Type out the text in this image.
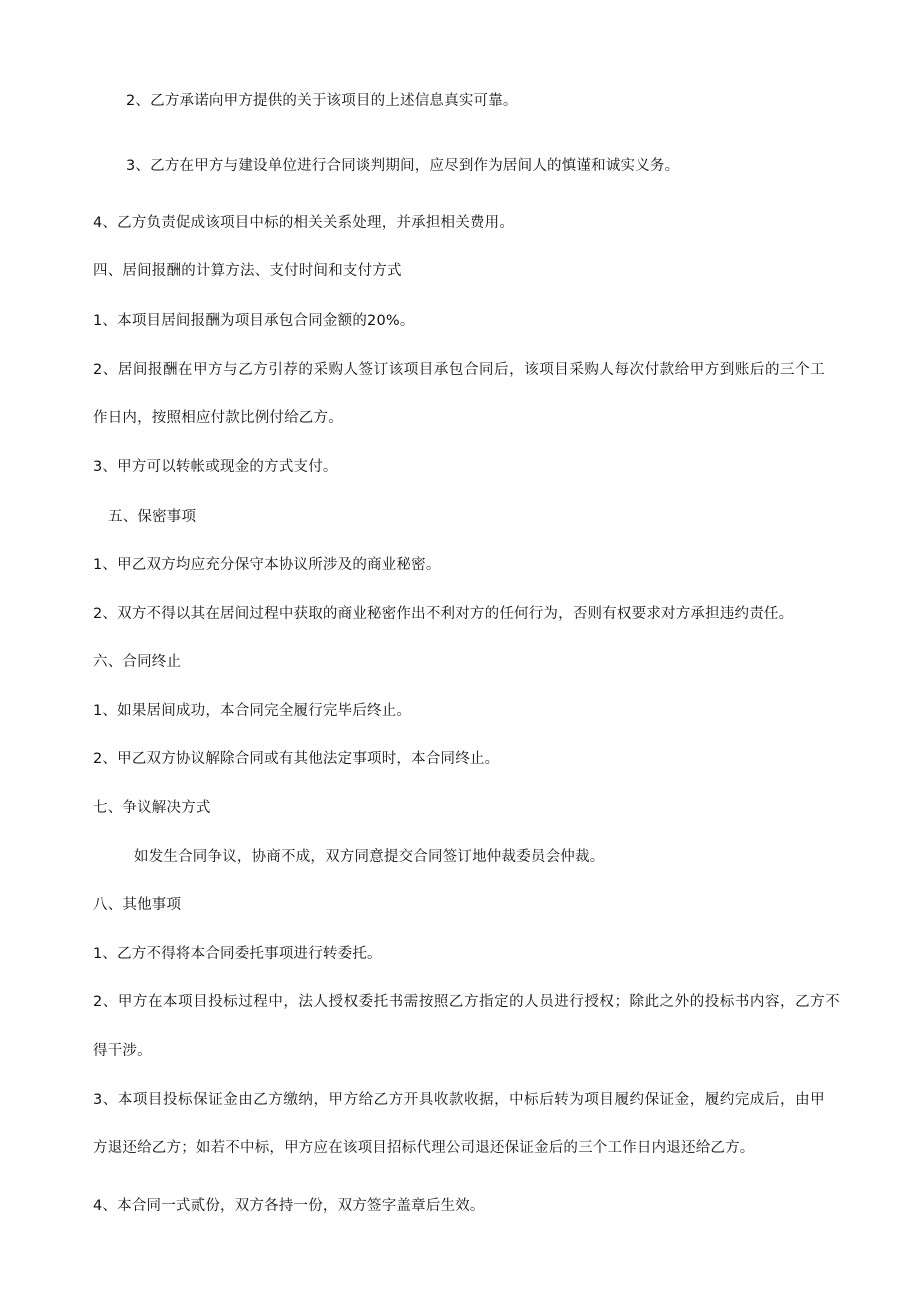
2、乙方承诺向甲方提供的关于该项目的上述信息真实可靠。
3、乙方在甲方与建设单位进行合同谈判期间，应尽到作为居间人的慎谨和诚实义务。
4、乙方负责促成该项目中标的相关关系处理，并承担相关费用。
四、居间报酬的计算方法、支付时间和支付方式
1、本项目居间报酬为项目承包合同金额的20%。
2、居间报酬在甲方与乙方引荐的采购人签订该项目承包合同后，该项目采购人每次付款给甲方到账后的三个工
作日内，按照相应付款比例付给乙方。
3、甲方可以转帐或现金的方式支付。
五、保密事项
1、甲乙双方均应充分保守本协议所涉及的商业秘密。
2、双方不得以其在居间过程中获取的商业秘密作出不利对方的任何行为，否则有权要求对方承担违约责任。
六、合同终止
1、如果居间成功，本合同完全履行完毕后终止。
2、甲乙双方协议解除合同或有其他法定事项时，本合同终止。
七、争议解决方式
如发生合同争议，协商不成，双方同意提交合同签订地仲裁委员会仲裁。
八、其他事项
1、乙方不得将本合同委托事项进行转委托。
2、甲方在本项目投标过程中，法人授权委托书需按照乙方指定的人员进行授权；除此之外的投标书内容，乙方不
得干涉。
3、本项目投标保证金由乙方缴纳，甲方给乙方开具收款收据，中标后转为项目履约保证金，履约完成后，由甲
方退还给乙方；如若不中标，甲方应在该项目招标代理公司退还保证金后的三个工作日内退还给乙方。
4、本合同一式贰份，双方各持一份，双方签字盖章后生效。
